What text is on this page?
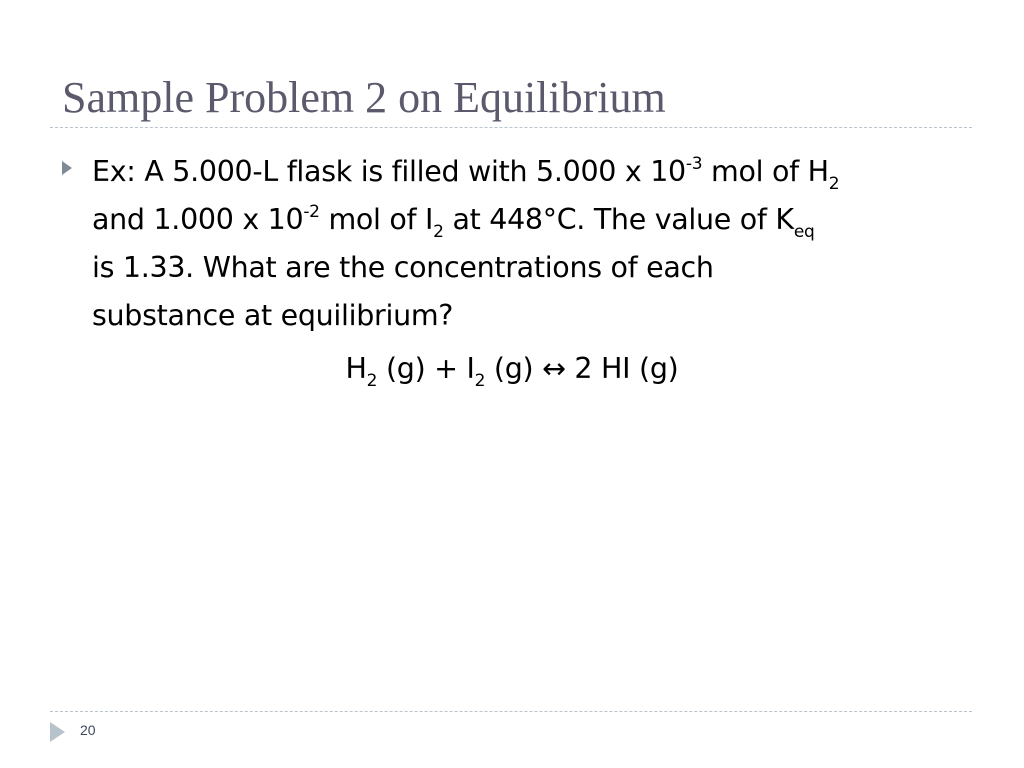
Sample Problem 2 on Equilibrium
Ex: A 5.000-L flask is filled with 5.000 x $10^{-3}$ mol of $H_2$
and 1.000 x $10^{-2}$ mol of $I_2$ at 448°C. The value of $K_{eq}$
is 1.33. What are the concentrations of each
substance at equilibrium?
$H_2$ $(g) + I_2$ (g) ↔ 2 HI (g)
20
